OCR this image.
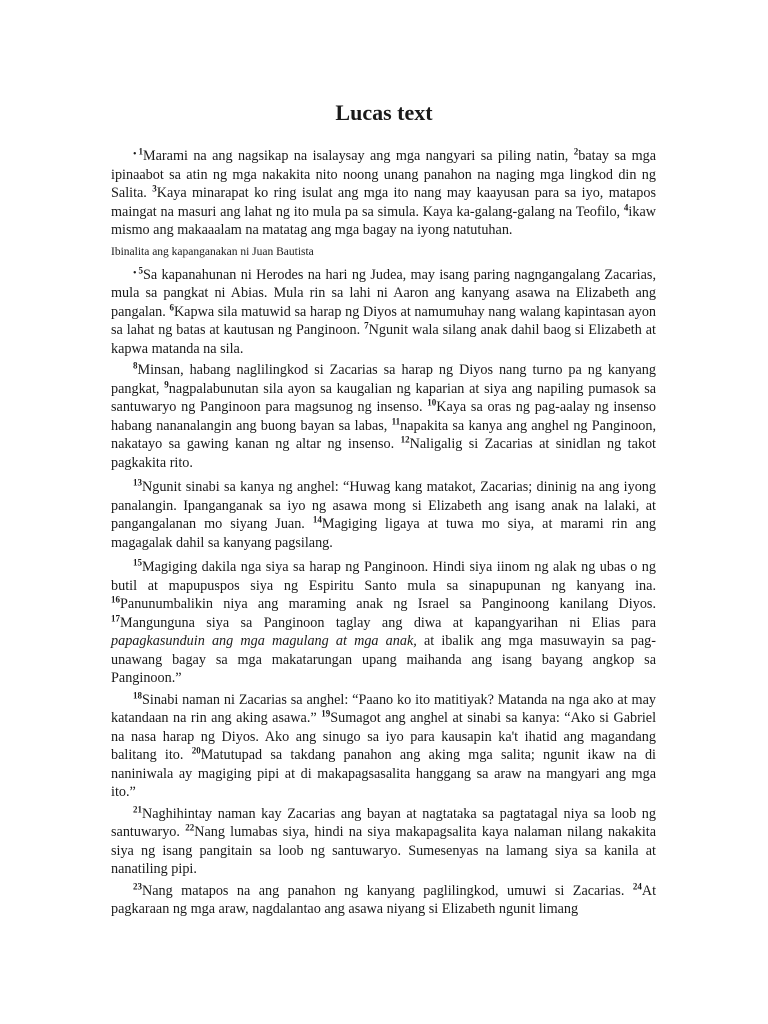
Lucas text

• $^1$Marami na ang nagsikap na isalaysay ang mga nangyari sa piling natin, $^2$batay sa mga ipinaabot sa atin ng mga nakakita nito noong unang panahon na naging mga lingkod din ng Salita. $^3$Kaya minarapat ko ring isulat ang mga ito nang may kaayusan para sa iyo, matapos maingat na masuri ang lahat ng ito mula pa sa simula. Kaya ka-galang-galang na Teofilo, $^4$ikaw mismo ang makaaalam na matatag ang mga bagay na iyong natutuhan.

Ibinalita ang kapanganakan ni Juan Bautista

• $^5$Sa kapanahunan ni Herodes na hari ng Judea, may isang paring nagngangalang Zacarias, mula sa pangkat ni Abias. Mula rin sa lahi ni Aaron ang kanyang asawa na Elizabeth ang pangalan. $^6$Kapwa sila matuwid sa harap ng Diyos at namumuhay nang walang kapintasan ayon sa lahat ng batas at kautusan ng Panginoon. $^7$Ngunit wala silang anak dahil baog si Elizabeth at kapwa matanda na sila.

$^8$Minsan, habang naglilingkod si Zacarias sa harap ng Diyos nang turno pa ng kanyang pangkat, $^9$nagpalabunutan sila ayon sa kaugalian ng kaparian at siya ang napiling pumasok sa santuwaryo ng Panginoon para magsunog ng insenso. $^{10}$Kaya sa oras ng pag-aalay ng insenso habang nananalangin ang buong bayan sa labas, $^{11}$napakita sa kanya ang anghel ng Panginoon, nakatayo sa gawing kanan ng altar ng insenso. $^{12}$Naligalig si Zacarias at sinidlan ng takot pagkakita rito.

$^{13}$Ngunit sinabi sa kanya ng anghel: “Huwag kang matakot, Zacarias; dininig na ang iyong panalangin. Ipanganganak sa iyo ng asawa mong si Elizabeth ang isang anak na lalaki, at pangangalanan mo siyang Juan. $^{14}$Magiging ligaya at tuwa mo siya, at marami rin ang magagalak dahil sa kanyang pagsilang.

$^{15}$Magiging dakila nga siya sa harap ng Panginoon. Hindi siya iinom ng alak ng ubas o ng butil at mapupuspos siya ng Espiritu Santo mula sa sinapupunan ng kanyang ina. $^{16}$Panunumbalikin niya ang maraming anak ng Israel sa Panginoong kanilang Diyos. $^{17}$Mangunguna siya sa Panginoon taglay ang diwa at kapangyarihan ni Elias para papagkasunduin ang mga magulang at mga anak, at ibalik ang mga masuwayin sa pag-unawang bagay sa mga makatarungan upang maihanda ang isang bayang angkop sa Panginoon.”

$^{18}$Sinabi naman ni Zacarias sa anghel: “Paano ko ito matitiyak? Matanda na nga ako at may katandaan na rin ang aking asawa.” $^{19}$Sumagot ang anghel at sinabi sa kanya: “Ako si Gabriel na nasa harap ng Diyos. Ako ang sinugo sa iyo para kausapin ka't ihatid ang magandang balitang ito. $^{20}$Matutupad sa takdang panahon ang aking mga salita; ngunit ikaw na di naniniwala ay magiging pipi at di makapagsasalita hanggang sa araw na mangyari ang mga ito.”

$^{21}$Naghihintay naman kay Zacarias ang bayan at nagtataka sa pagtatagal niya sa loob ng santuwaryo. $^{22}$Nang lumabas siya, hindi na siya makapagsalita kaya nalaman nilang nakakita siya ng isang pangitain sa loob ng santuwaryo. Sumesenyas na lamang siya sa kanila at nanatiling pipi.

$^{23}$Nang matapos na ang panahon ng kanyang paglilingkod, umuwi si Zacarias. $^{24}$At pagkaraan ng mga araw, nagdalantao ang asawa niyang si Elizabeth ngunit limang
